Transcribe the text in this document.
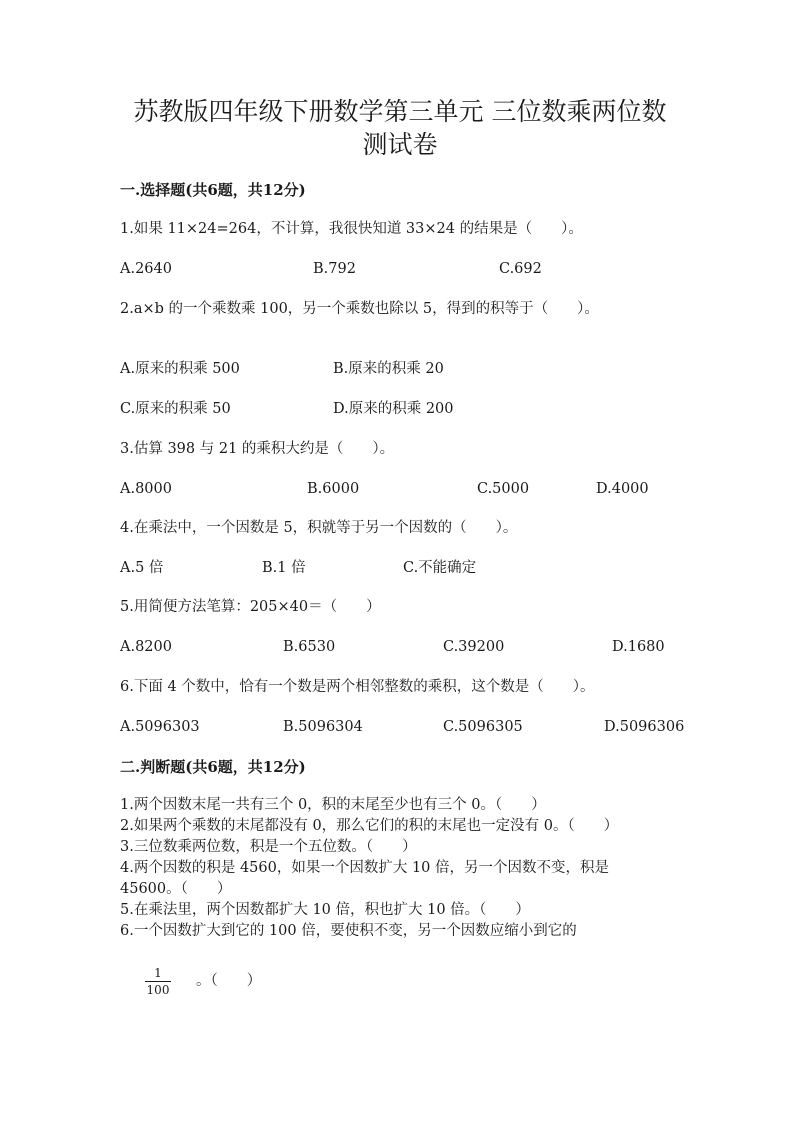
苏教版四年级下册数学第三单元 三位数乘两位数
测试卷
一.选择题(共6题，共12分)
1.如果 11×24=264，不计算，我很快知道 33×24 的结果是（　　）。
A.2640	B.792	C.692
2.a×b 的一个乘数乘 100，另一个乘数也除以 5，得到的积等于（　　）。
A.原来的积乘 500	B.原来的积乘 20
C.原来的积乘 50	D.原来的积乘 200
3.估算 398 与 21 的乘积大约是（　　）。
A.8000	B.6000	C.5000	D.4000
4.在乘法中，一个因数是 5，积就等于另一个因数的（　　）。
A.5 倍	B.1 倍	C.不能确定
5.用简便方法笔算：205×40＝（　　）
A.8200	B.6530	C.39200	D.1680
6.下面 4 个数中，恰有一个数是两个相邻整数的乘积，这个数是（　　）。
A.5096303	B.5096304	C.5096305	D.5096306
二.判断题(共6题，共12分)
1.两个因数末尾一共有三个 0，积的末尾至少也有三个 0。（　　）
2.如果两个乘数的末尾都没有 0，那么它们的积的末尾也一定没有 0。（　　）
3.三位数乘两位数，积是一个五位数。（　　）
4.两个因数的积是 4560，如果一个因数扩大 10 倍，另一个因数不变，积是
45600。（　　）
5.在乘法里，两个因数都扩大 10 倍，积也扩大 10 倍。（　　）
6.一个因数扩大到它的 100 倍，要使积不变，另一个因数应缩小到它的
1
100
。（　　）
